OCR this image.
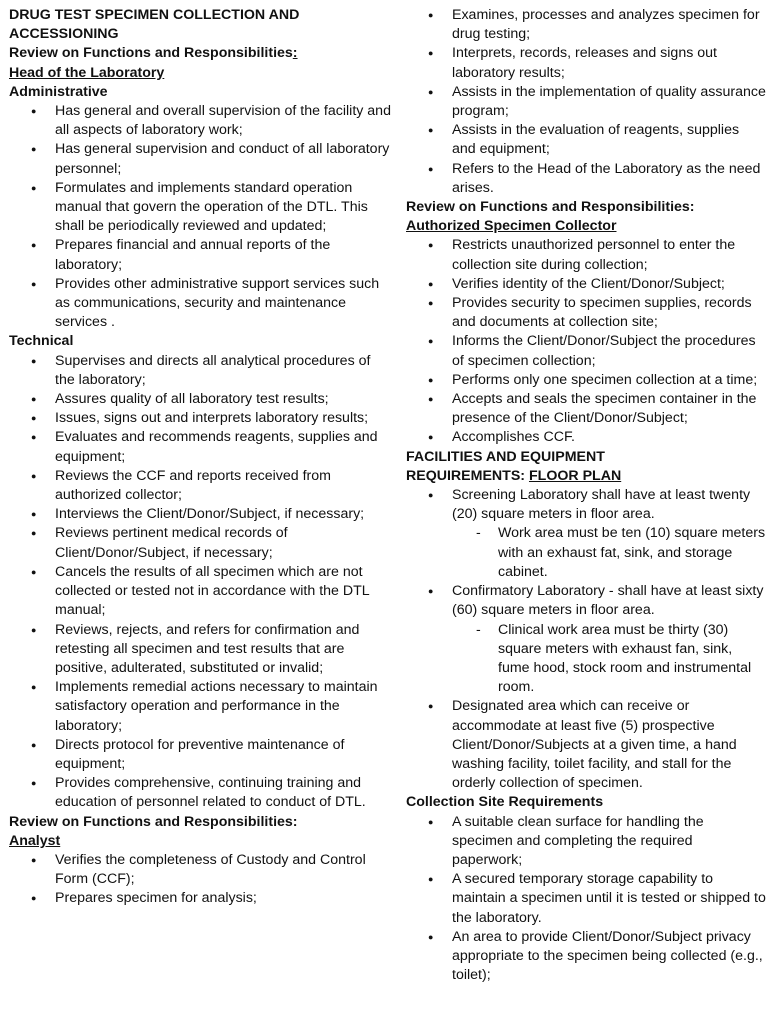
DRUG TEST SPECIMEN COLLECTION AND
ACCESSIONING
Review on Functions and Responsibilities:
Head of the Laboratory
Administrative
● Has general and overall supervision of the facility and all aspects of laboratory work;
● Has general supervision and conduct of all laboratory personnel;
● Formulates and implements standard operation manual that govern the operation of the DTL. This shall be periodically reviewed and updated;
● Prepares financial and annual reports of the laboratory;
● Provides other administrative support services such as communications, security and maintenance services .
Technical
● Supervises and directs all analytical procedures of the laboratory;
● Assures quality of all laboratory test results;
● Issues, signs out and interprets laboratory results;
● Evaluates and recommends reagents, supplies and equipment;
● Reviews the CCF and reports received from authorized collector;
● Interviews the Client/Donor/Subject, if necessary;
● Reviews pertinent medical records of Client/Donor/Subject, if necessary;
● Cancels the results of all specimen which are not collected or tested not in accordance with the DTL manual;
● Reviews, rejects, and refers for confirmation and retesting all specimen and test results that are positive, adulterated, substituted or invalid;
● Implements remedial actions necessary to maintain satisfactory operation and performance in the laboratory;
● Directs protocol for preventive maintenance of equipment;
● Provides comprehensive, continuing training and education of personnel related to conduct of DTL.
Review on Functions and Responsibilities:
Analyst
● Verifies the completeness of Custody and Control Form (CCF);
● Prepares specimen for analysis;
● Examines, processes and analyzes specimen for drug testing;
● Interprets, records, releases and signs out laboratory results;
● Assists in the implementation of quality assurance program;
● Assists in the evaluation of reagents, supplies and equipment;
● Refers to the Head of the Laboratory as the need arises.
Review on Functions and Responsibilities:
Authorized Specimen Collector
● Restricts unauthorized personnel to enter the collection site during collection;
● Verifies identity of the Client/Donor/Subject;
● Provides security to specimen supplies, records and documents at collection site;
● Informs the Client/Donor/Subject the procedures of specimen collection;
● Performs only one specimen collection at a time;
● Accepts and seals the specimen container in the presence of the Client/Donor/Subject;
● Accomplishes CCF.
FACILITIES AND EQUIPMENT
REQUIREMENTS: FLOOR PLAN
● Screening Laboratory shall have at least twenty (20) square meters in floor area.
- Work area must be ten (10) square meters with an exhaust fat, sink, and storage cabinet.
● Confirmatory Laboratory - shall have at least sixty (60) square meters in floor area.
- Clinical work area must be thirty (30) square meters with exhaust fan, sink, fume hood, stock room and instrumental room.
● Designated area which can receive or accommodate at least five (5) prospective Client/Donor/Subjects at a given time, a hand washing facility, toilet facility, and stall for the orderly collection of specimen.
Collection Site Requirements
● A suitable clean surface for handling the specimen and completing the required paperwork;
● A secured temporary storage capability to maintain a specimen until it is tested or shipped to the laboratory.
● An area to provide Client/Donor/Subject privacy appropriate to the specimen being collected (e.g., toilet);
